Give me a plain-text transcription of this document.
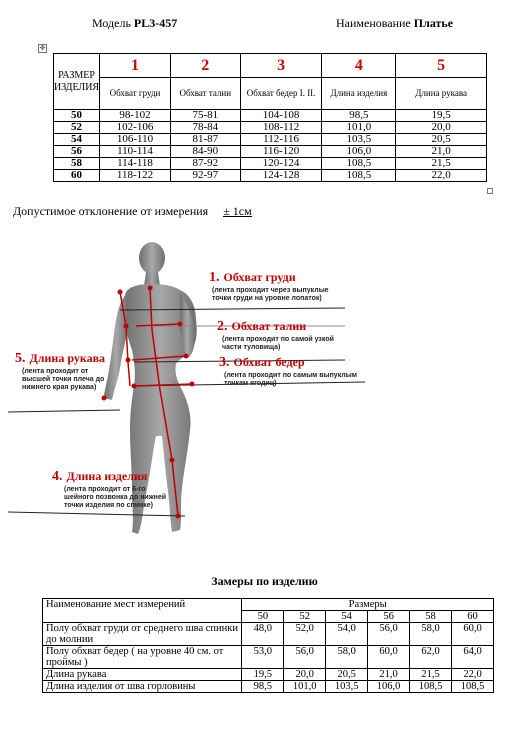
Модель PL3-457	Наименование Платье
✥
РАЗМЕР ИЗДЕЛИЯ	1	2	3	4	5
	Обхват груди	Обхват талии	Обхват бедер I. II.	Длина изделия	Длина рукава
50	98-102	75-81	104-108	98,5	19,5
52	102-106	78-84	108-112	101,0	20,0
54	106-110	81-87	112-116	103,5	20,5
56	110-114	84-90	116-120	106,0	21,0
58	114-118	87-92	120-124	108,5	21,5
60	118-122	92-97	124-128	108,5	22,0
Допустимое отклонение от измерения ± 1см
1. Обхват груди
(лента проходит через выпуклые
точки груди на уровне лопаток)
2. Обхват талии
(лента проходит по самой узкой
части туловища)
3. Обхват бедер
(лента проходит по самым выпуклым
точкам ягодиц)
5. Длина рукава
(лента проходит от
высшей точки плеча до
нижнего края рукава)
4. Длина изделия
(лента проходит от 6-го
шейного позвонка до нижней
точки изделия по спинке)
Замеры по изделию
Наименование мест измерений	Размеры					
	50	52	54	56	58	60
Полу обхват груди от среднего шва спинки до молнии	48,0	52,0	54,0	56,0	58,0	60,0
Полу обхват бедер ( на уровне 40 см. от проймы )	53,0	56,0	58,0	60,0	62,0	64,0
Длина рукава	19,5	20,0	20,5	21,0	21,5	22,0
Длина изделия от шва горловины	98,5	101,0	103,5	106,0	108,5	108,5
